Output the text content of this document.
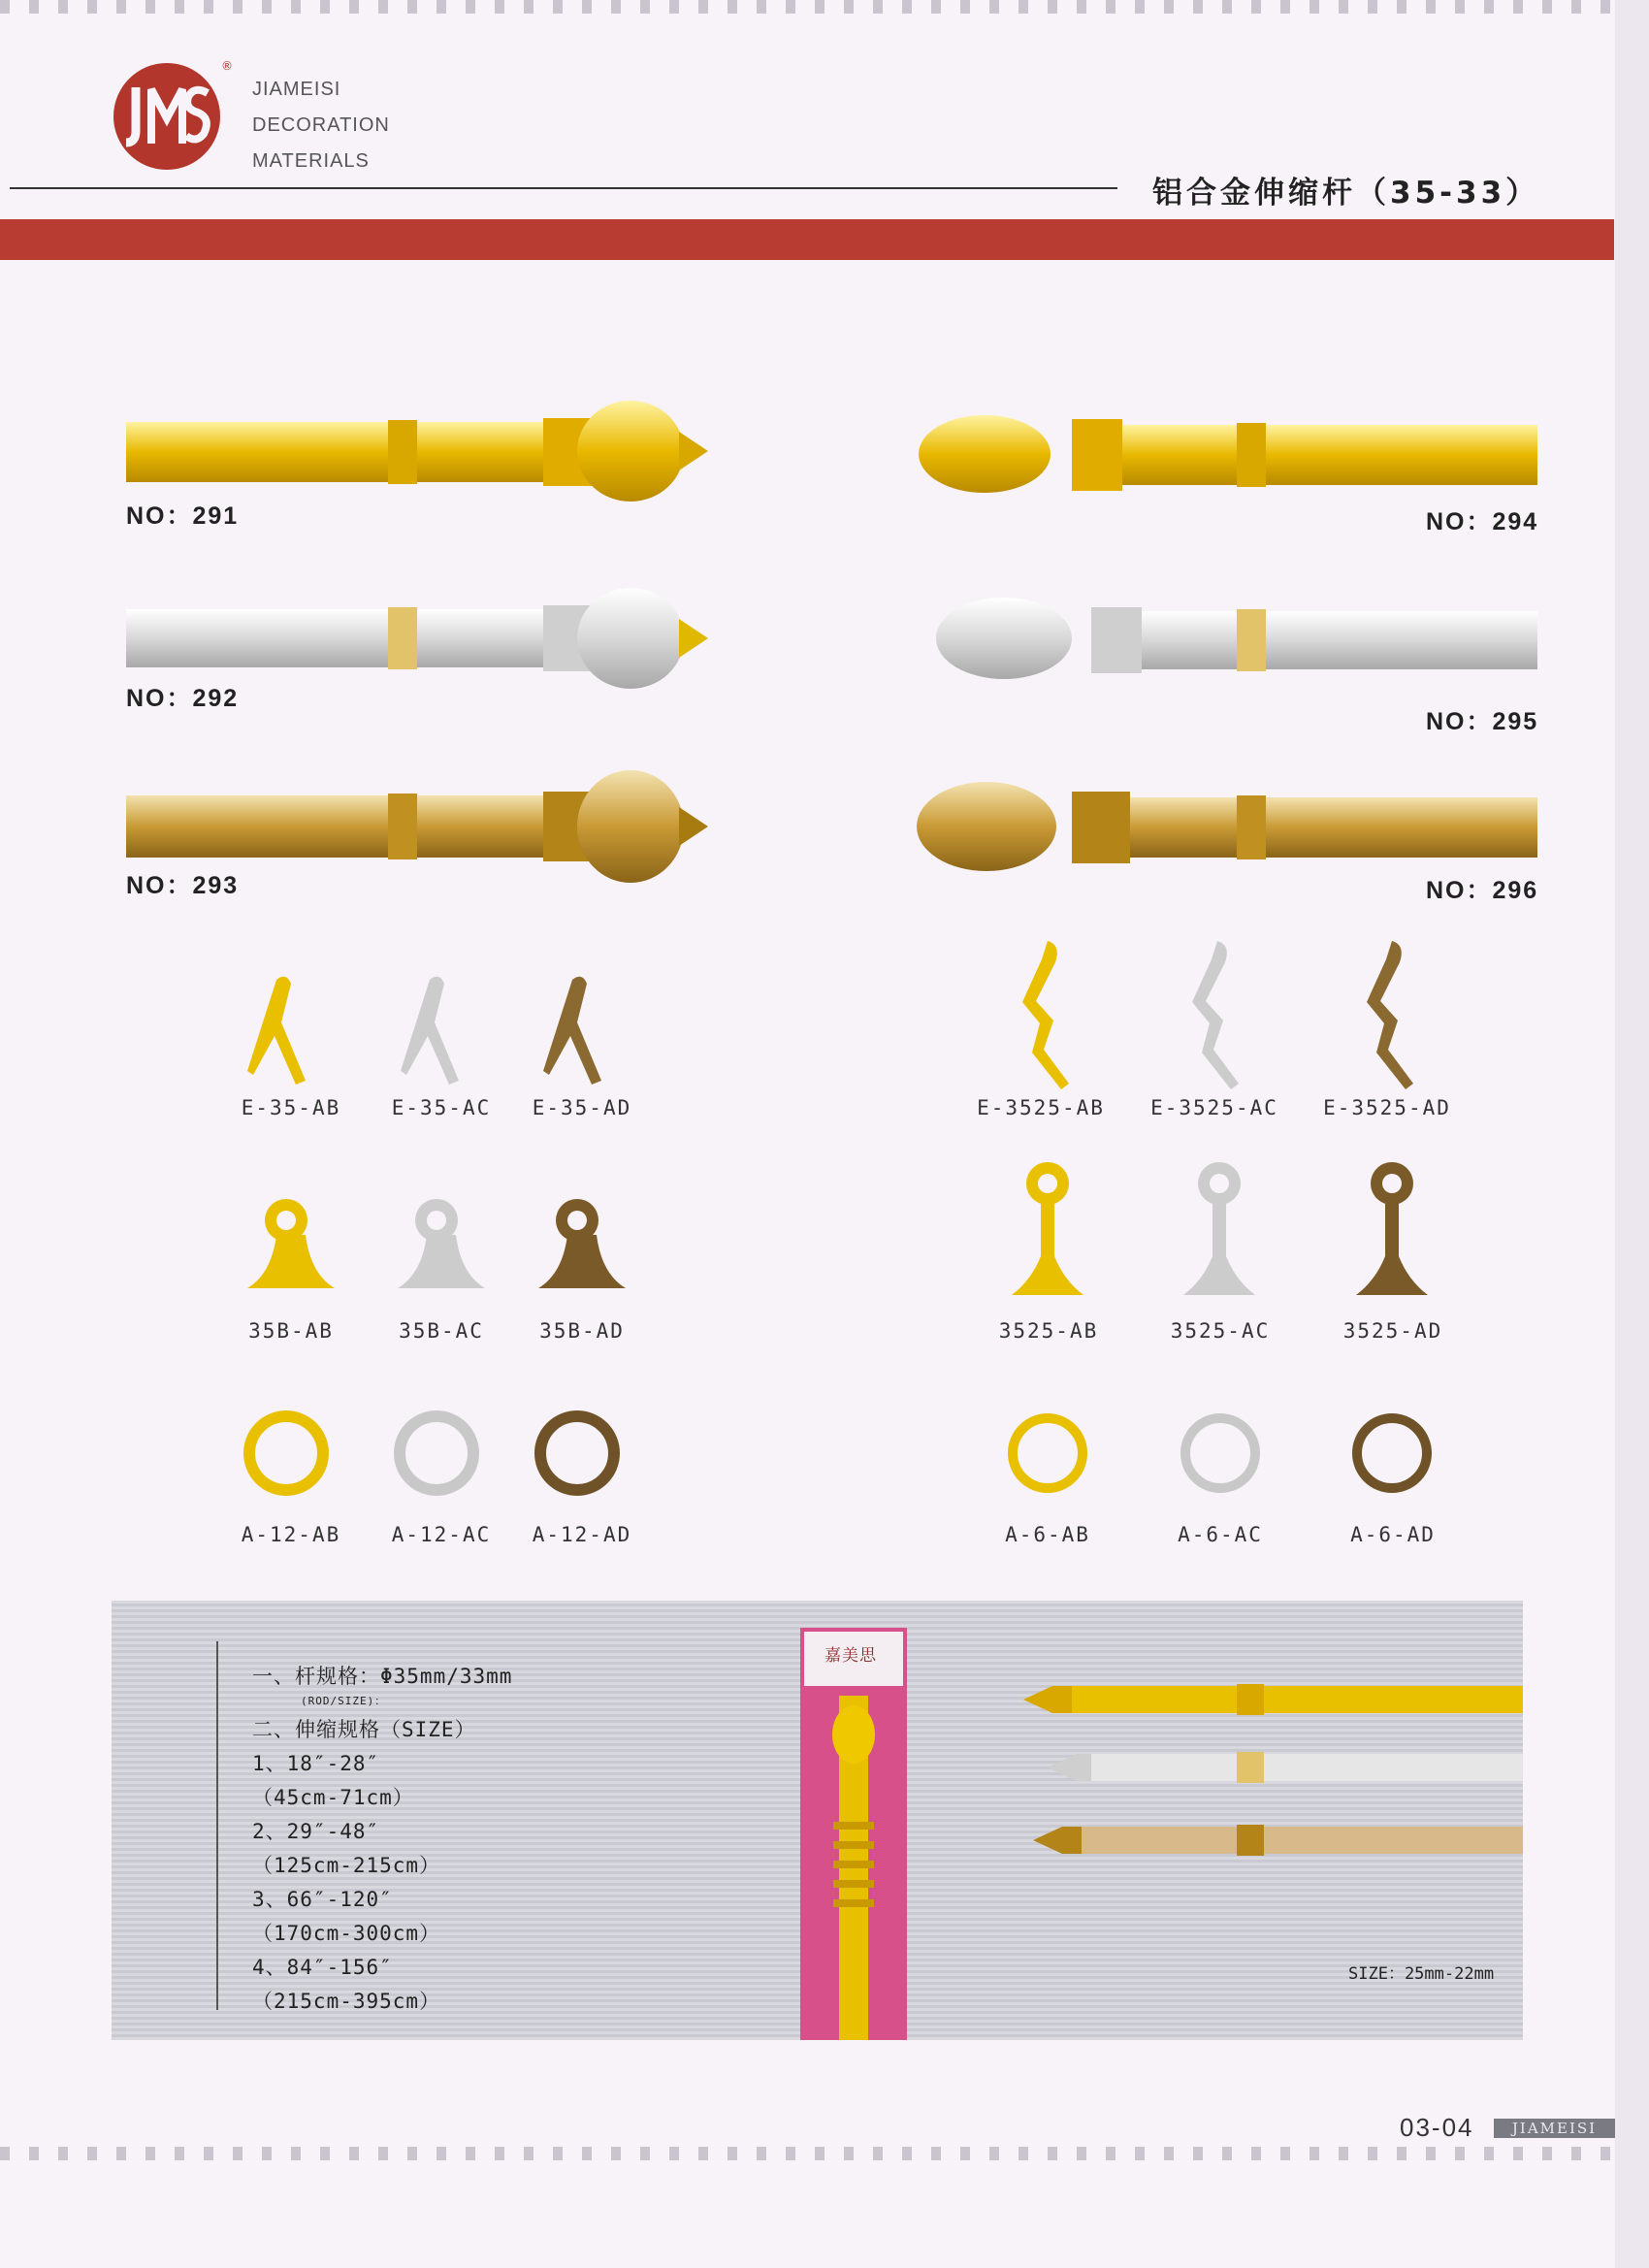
®
JIAMEISI
DECORATION
MATERIALS
铝合金伸缩杆（35-33）
NO：291
NO：292
NO：293
NO：294
NO：295
NO：296
E-35-AB	E-35-AC	E-35-AD	E-3525-AB	E-3525-AC	E-3525-AD
35B-AB	35B-AC	35B-AD	3525-AB	3525-AC	3525-AD
A-12-AB	A-12-AC	A-12-AD	A-6-AB	A-6-AC	A-6-AD
一、杆规格：Φ35mm/33mm
(ROD/SIZE)：
二、伸缩规格（SIZE）
1、18″-28″
（45cm-71cm）
2、29″-48″
（125cm-215cm）
3、66″-120″
（170cm-300cm）
4、84″-156″
（215cm-395cm）
嘉美思
SIZE：25mm-22mm
03-04	JIAMEISI
